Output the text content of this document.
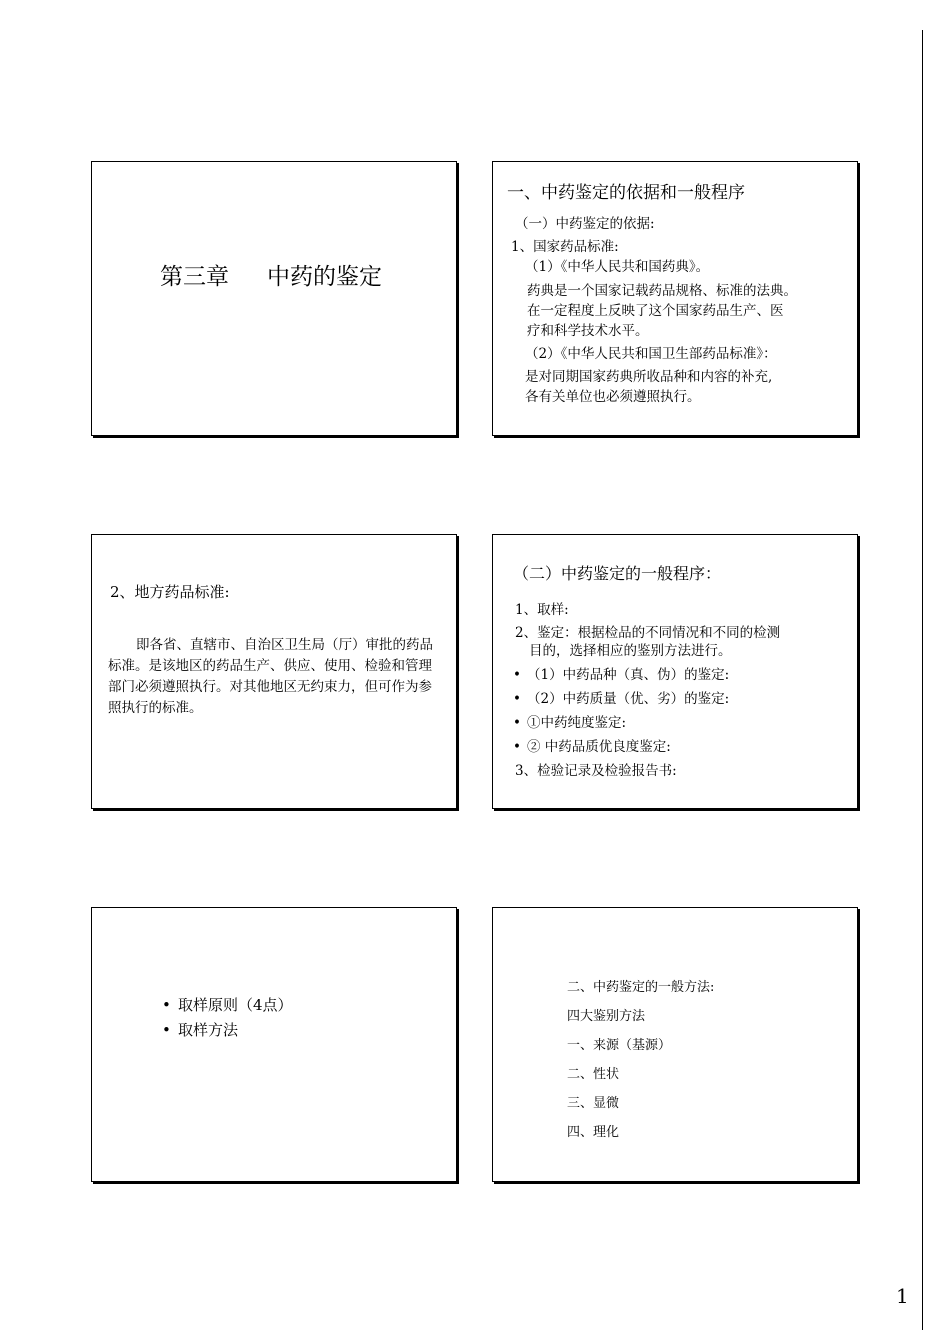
第三章 中药的鉴定
一、中药鉴定的依据和一般程序
（一）中药鉴定的依据:
1、国家药品标准:
（1）《中华人民共和国药典》。
药典是一个国家记载药品规格、标准的法典。
在一定程度上反映了这个国家药品生产、医
疗和科学技术水平。
（2）《中华人民共和国卫生部药品标准》：
是对同期国家药典所收品种和内容的补充,
各有关单位也必须遵照执行。
2、地方药品标准:
即各省、直辖市、自治区卫生局（厅）审批的药品标准。是该地区的药品生产、供应、使用、检验和管理部门必须遵照执行。对其他地区无约束力，但可作为参照执行的标准。
（二）中药鉴定的一般程序：
1、取样:
2、鉴定：根据检品的不同情况和不同的检测
目的，选择相应的鉴别方法进行。
• （1）中药品种（真、伪）的鉴定:
• （2）中药质量（优、劣）的鉴定:
• ①中药纯度鉴定:
• ② 中药品质优良度鉴定:
3、检验记录及检验报告书:
• 取样原则（4点）
• 取样方法
二、中药鉴定的一般方法:
四大鉴别方法
一、来源（基源）
二、性状
三、显微
四、理化
1
